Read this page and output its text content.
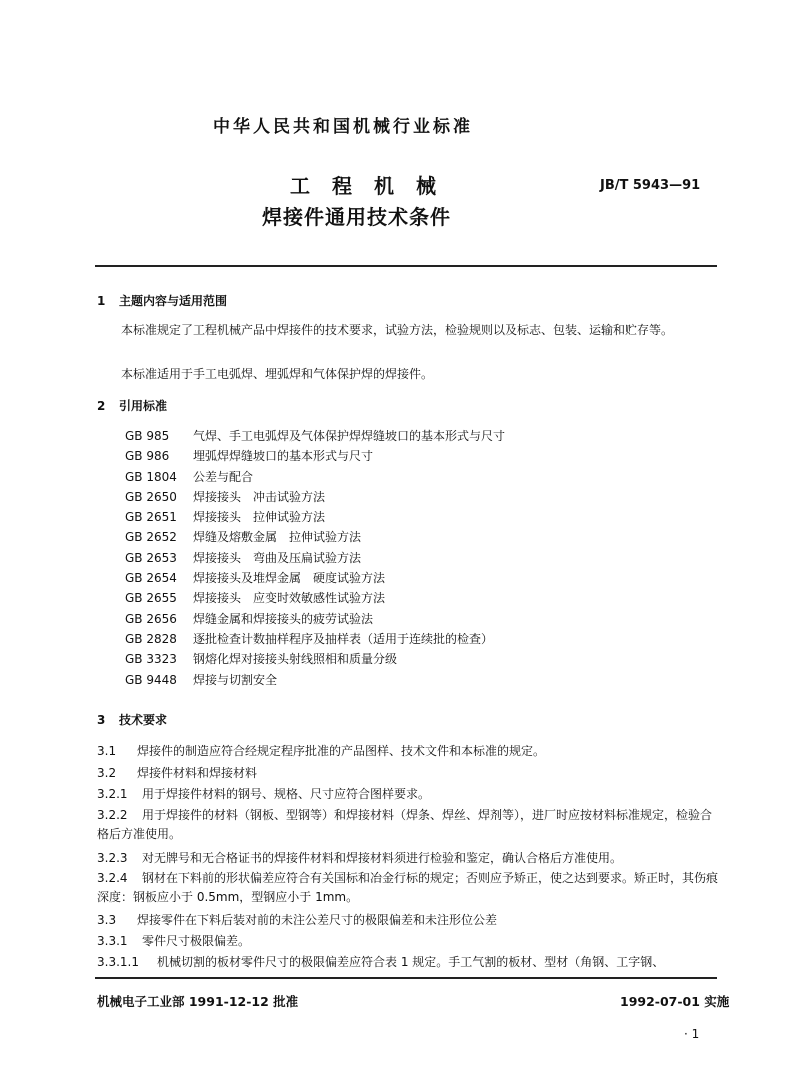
中华人民共和国机械行业标准
工程机械	JB/T 5943—91
焊接件通用技术条件
1 主题内容与适用范围
本标准规定了工程机械产品中焊接件的技术要求，试验方法，检验规则以及标志、包装、运输和贮存等。
本标准适用于手工电弧焊、埋弧焊和气体保护焊的焊接件。
2 引用标准
GB 985 气焊、手工电弧焊及气体保护焊焊缝坡口的基本形式与尺寸
GB 986 埋弧焊焊缝坡口的基本形式与尺寸
GB 1804 公差与配合
GB 2650 焊接接头　冲击试验方法
GB 2651 焊接接头　拉伸试验方法
GB 2652 焊缝及熔敷金属　拉伸试验方法
GB 2653 焊接接头　弯曲及压扁试验方法
GB 2654 焊接接头及堆焊金属　硬度试验方法
GB 2655 焊接接头　应变时效敏感性试验方法
GB 2656 焊缝金属和焊接接头的疲劳试验法
GB 2828 逐批检查计数抽样程序及抽样表（适用于连续批的检查）
GB 3323 钢熔化焊对接接头射线照相和质量分级
GB 9448 焊接与切割安全
3 技术要求
3.1 焊接件的制造应符合经规定程序批准的产品图样、技术文件和本标准的规定。
3.2 焊接件材料和焊接材料
3.2.1 用于焊接件材料的钢号、规格、尺寸应符合图样要求。
3.2.2 用于焊接件的材料（钢板、型钢等）和焊接材料（焊条、焊丝、焊剂等），进厂时应按材料标准规定，检验合格后方准使用。
3.2.3 对无牌号和无合格证书的焊接件材料和焊接材料须进行检验和鉴定，确认合格后方准使用。
3.2.4 钢材在下料前的形状偏差应符合有关国标和冶金行标的规定；否则应予矫正，使之达到要求。矫正时，其伤痕深度：钢板应小于 0.5mm，型钢应小于 1mm。
3.3 焊接零件在下料后装对前的未注公差尺寸的极限偏差和未注形位公差
3.3.1 零件尺寸极限偏差。
3.3.1.1 机械切割的板材零件尺寸的极限偏差应符合表 1 规定。手工气割的板材、型材（角钢、工字钢、
机械电子工业部 1991-12-12 批准	1992-07-01 实施
· 1
